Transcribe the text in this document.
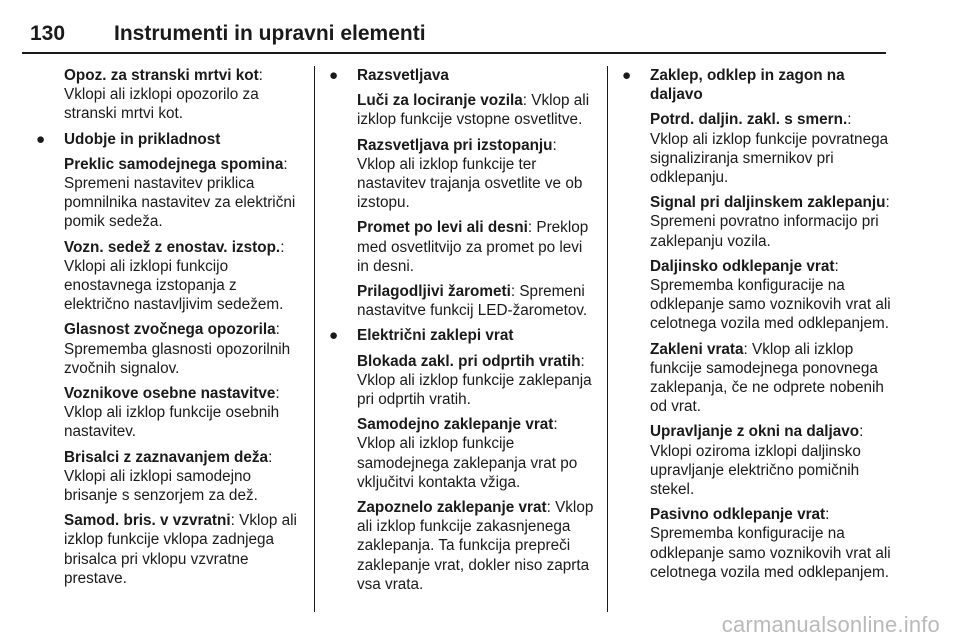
130 Instrumenti in upravni elementi
Opoz. za stranski mrtvi kot: Vklopi ali izklopi opozorilo za stranski mrtvi kot.
●	Udobje in prikladnost
Preklic samodejnega spomina: Spremeni nastavitev priklica pomnilnika nastavitev za električni pomik sedeža.
Vozn. sedež z enostav. izstop.: Vklopi ali izklopi funkcijo enostavnega izstopanja z električno nastavljivim sedežem.
Glasnost zvočnega opozorila: Sprememba glasnosti opozorilnih zvočnih signalov.
Voznikove osebne nastavitve: Vklop ali izklop funkcije osebnih nastavitev.
Brisalci z zaznavanjem deža: Vklopi ali izklopi samodejno brisanje s senzorjem za dež.
Samod. bris. v vzvratni: Vklop ali izklop funkcije vklopa zadnjega brisalca pri vklopu vzvratne prestave.
●	Razsvetljava
Luči za lociranje vozila: Vklop ali izklop funkcije vstopne osvetlitve.
Razsvetljava pri izstopanju: Vklop ali izklop funkcije ter nastavitev trajanja osvetlite ve ob izstopu.
Promet po levi ali desni: Preklop med osvetlitvijo za promet po levi in desni.
Prilagodljivi žarometi: Spremeni nastavitve funkcij LED-žarometov.
●	Električni zaklepi vrat
Blokada zakl. pri odprtih vratih: Vklop ali izklop funkcije zaklepanja pri odprtih vratih.
Samodejno zaklepanje vrat: Vklop ali izklop funkcije samodejnega zaklepanja vrat po vključitvi kontakta vžiga.
Zapoznelo zaklepanje vrat: Vklop ali izklop funkcije zakasnjenega zaklepanja. Ta funkcija prepreči zaklepanje vrat, dokler niso zaprta vsa vrata.
●	Zaklep, odklep in zagon na daljavo
Potrd. daljin. zakl. s smern.: Vklop ali izklop funkcije povratnega signaliziranja smernikov pri odklepanju.
Signal pri daljinskem zaklepanju: Spremeni povratno informacijo pri zaklepanju vozila.
Daljinsko odklepanje vrat: Sprememba konfiguracije na odklepanje samo voznikovih vrat ali celotnega vozila med odklepanjem.
Zakleni vrata: Vklop ali izklop funkcije samodejnega ponovnega zaklepanja, če ne odprete nobenih od vrat.
Upravljanje z okni na daljavo: Vklopi oziroma izklopi daljinsko upravljanje električno pomičnih stekel.
Pasivno odklepanje vrat: Sprememba konfiguracije na odklepanje samo voznikovih vrat ali celotnega vozila med odklepanjem.
carmanualsonline.info
